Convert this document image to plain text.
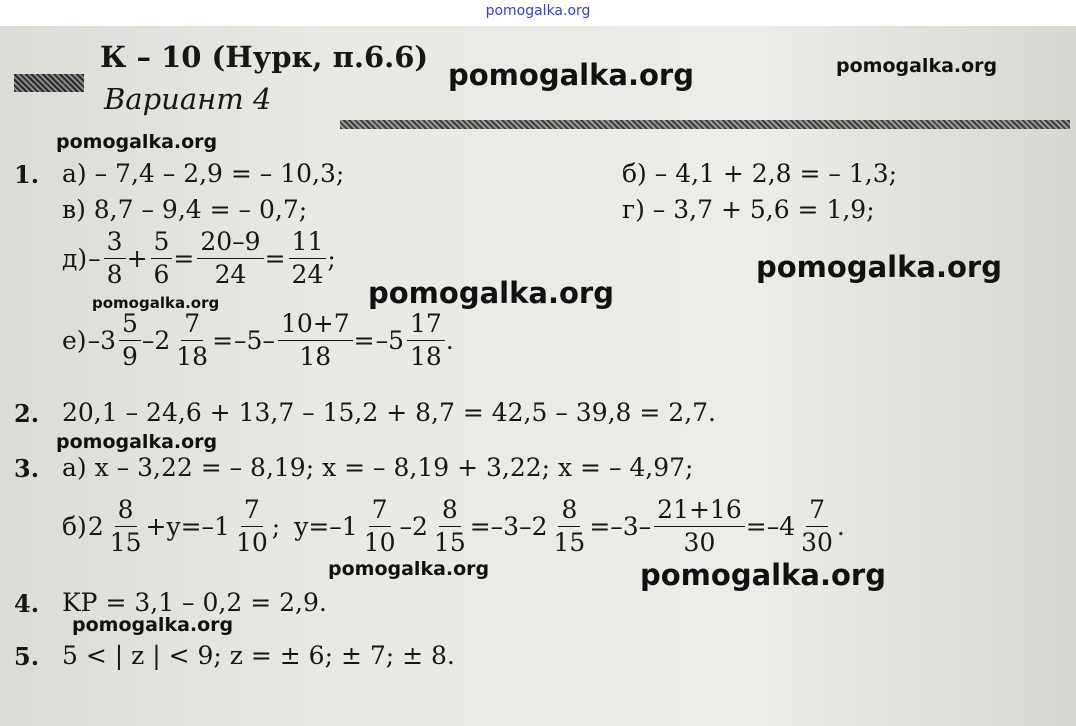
pomogalka.org
К – 10 (Нурк, п.6.6)
Вариант 4
1. а) – 7,4 – 2,9 = – 10,3;	б) – 4,1 + 2,8 = – 1,3;
в) 8,7 – 9,4 = – 0,7;	г) – 3,7 + 5,6 = 1,9;
$д) - \frac{3}{8} + \frac{5}{6} = \frac{20-9}{24} = \frac{11}{24}$ ;
е) $-3 \frac{5}{9} -2 \frac{7}{18} = -5- \frac{10+7}{18} = -5 \frac{17}{18}$ .
2. 20,1 – 24,6 + 13,7 – 15,2 + 8,7 = 42,5 – 39,8 = 2,7.
3. а) x – 3,22 = – 8,19; x = – 8,19 + 3,22; x = – 4,97;
б) $2 \frac{8}{15} +y=-1 \frac{7}{10}$ ; $y=-1 \frac{7}{10} -2 \frac{8}{15} =-3-2 \frac{8}{15} =-3- \frac{21+16}{30} =-4 \frac{7}{30}$ .
4. KP = 3,1 – 0,2 = 2,9.
5. 5 < | z | < 9; z = ± 6; ± 7; ± 8.
pomogalka.org	pomogalka.org
pomogalka.org
pomogalka.org
pomogalka.org
pomogalka.org
pomogalka.org
pomogalka.org	pomogalka.org
pomogalka.org
